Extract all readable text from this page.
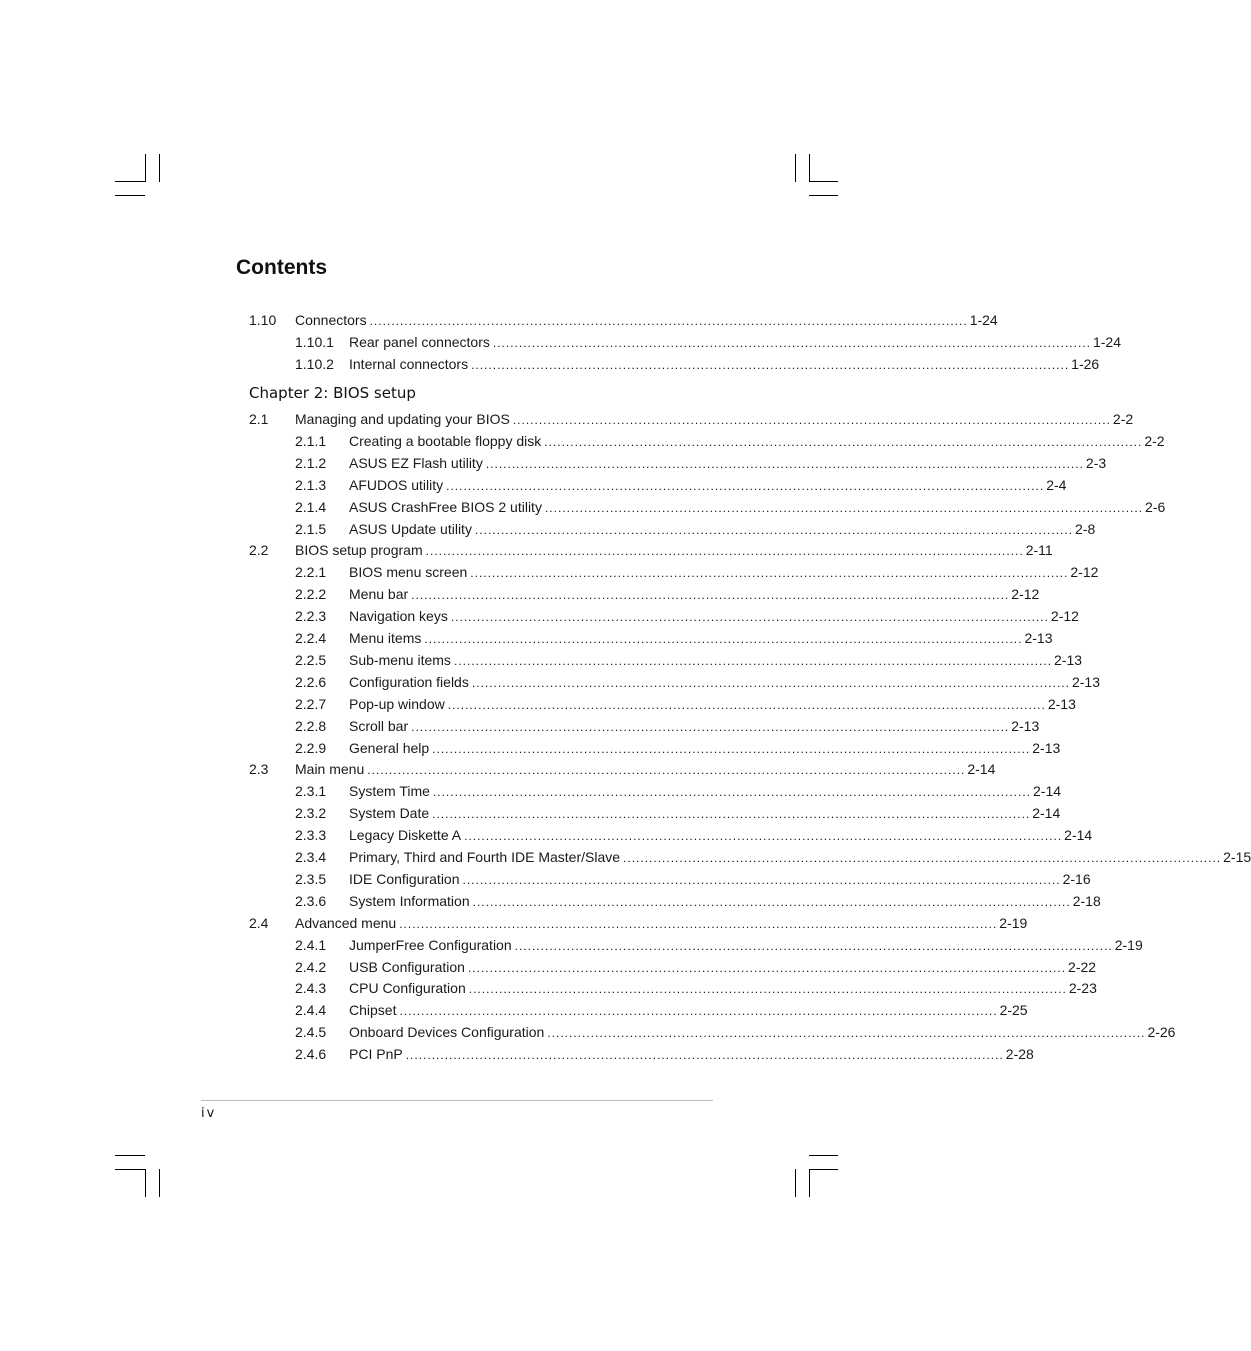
Contents
1.10 Connectors .......................................................................................................................................... 1-24
1.10.1 Rear panel connectors .......................................................................................................................................... 1-24
1.10.2 Internal connectors .......................................................................................................................................... 1-26
Chapter 2: BIOS setup
2.1 Managing and updating your BIOS .......................................................................................................................................... 2-2
2.1.1 Creating a bootable floppy disk .......................................................................................................................................... 2-2
2.1.2 ASUS EZ Flash utility .......................................................................................................................................... 2-3
2.1.3 AFUDOS utility .......................................................................................................................................... 2-4
2.1.4 ASUS CrashFree BIOS 2 utility .......................................................................................................................................... 2-6
2.1.5 ASUS Update utility .......................................................................................................................................... 2-8
2.2 BIOS setup program .......................................................................................................................................... 2-11
2.2.1 BIOS menu screen .......................................................................................................................................... 2-12
2.2.2 Menu bar .......................................................................................................................................... 2-12
2.2.3 Navigation keys .......................................................................................................................................... 2-12
2.2.4 Menu items .......................................................................................................................................... 2-13
2.2.5 Sub-menu items .......................................................................................................................................... 2-13
2.2.6 Configuration fields .......................................................................................................................................... 2-13
2.2.7 Pop-up window .......................................................................................................................................... 2-13
2.2.8 Scroll bar .......................................................................................................................................... 2-13
2.2.9 General help .......................................................................................................................................... 2-13
2.3 Main menu .......................................................................................................................................... 2-14
2.3.1 System Time .......................................................................................................................................... 2-14
2.3.2 System Date .......................................................................................................................................... 2-14
2.3.3 Legacy Diskette A .......................................................................................................................................... 2-14
2.3.4 Primary, Third and Fourth IDE Master/Slave .......................................................................................................................................... 2-15
2.3.5 IDE Configuration .......................................................................................................................................... 2-16
2.3.6 System Information .......................................................................................................................................... 2-18
2.4 Advanced menu .......................................................................................................................................... 2-19
2.4.1 JumperFree Configuration .......................................................................................................................................... 2-19
2.4.2 USB Configuration .......................................................................................................................................... 2-22
2.4.3 CPU Configuration .......................................................................................................................................... 2-23
2.4.4 Chipset .......................................................................................................................................... 2-25
2.4.5 Onboard Devices Configuration .......................................................................................................................................... 2-26
2.4.6 PCI PnP .......................................................................................................................................... 2-28
iv
